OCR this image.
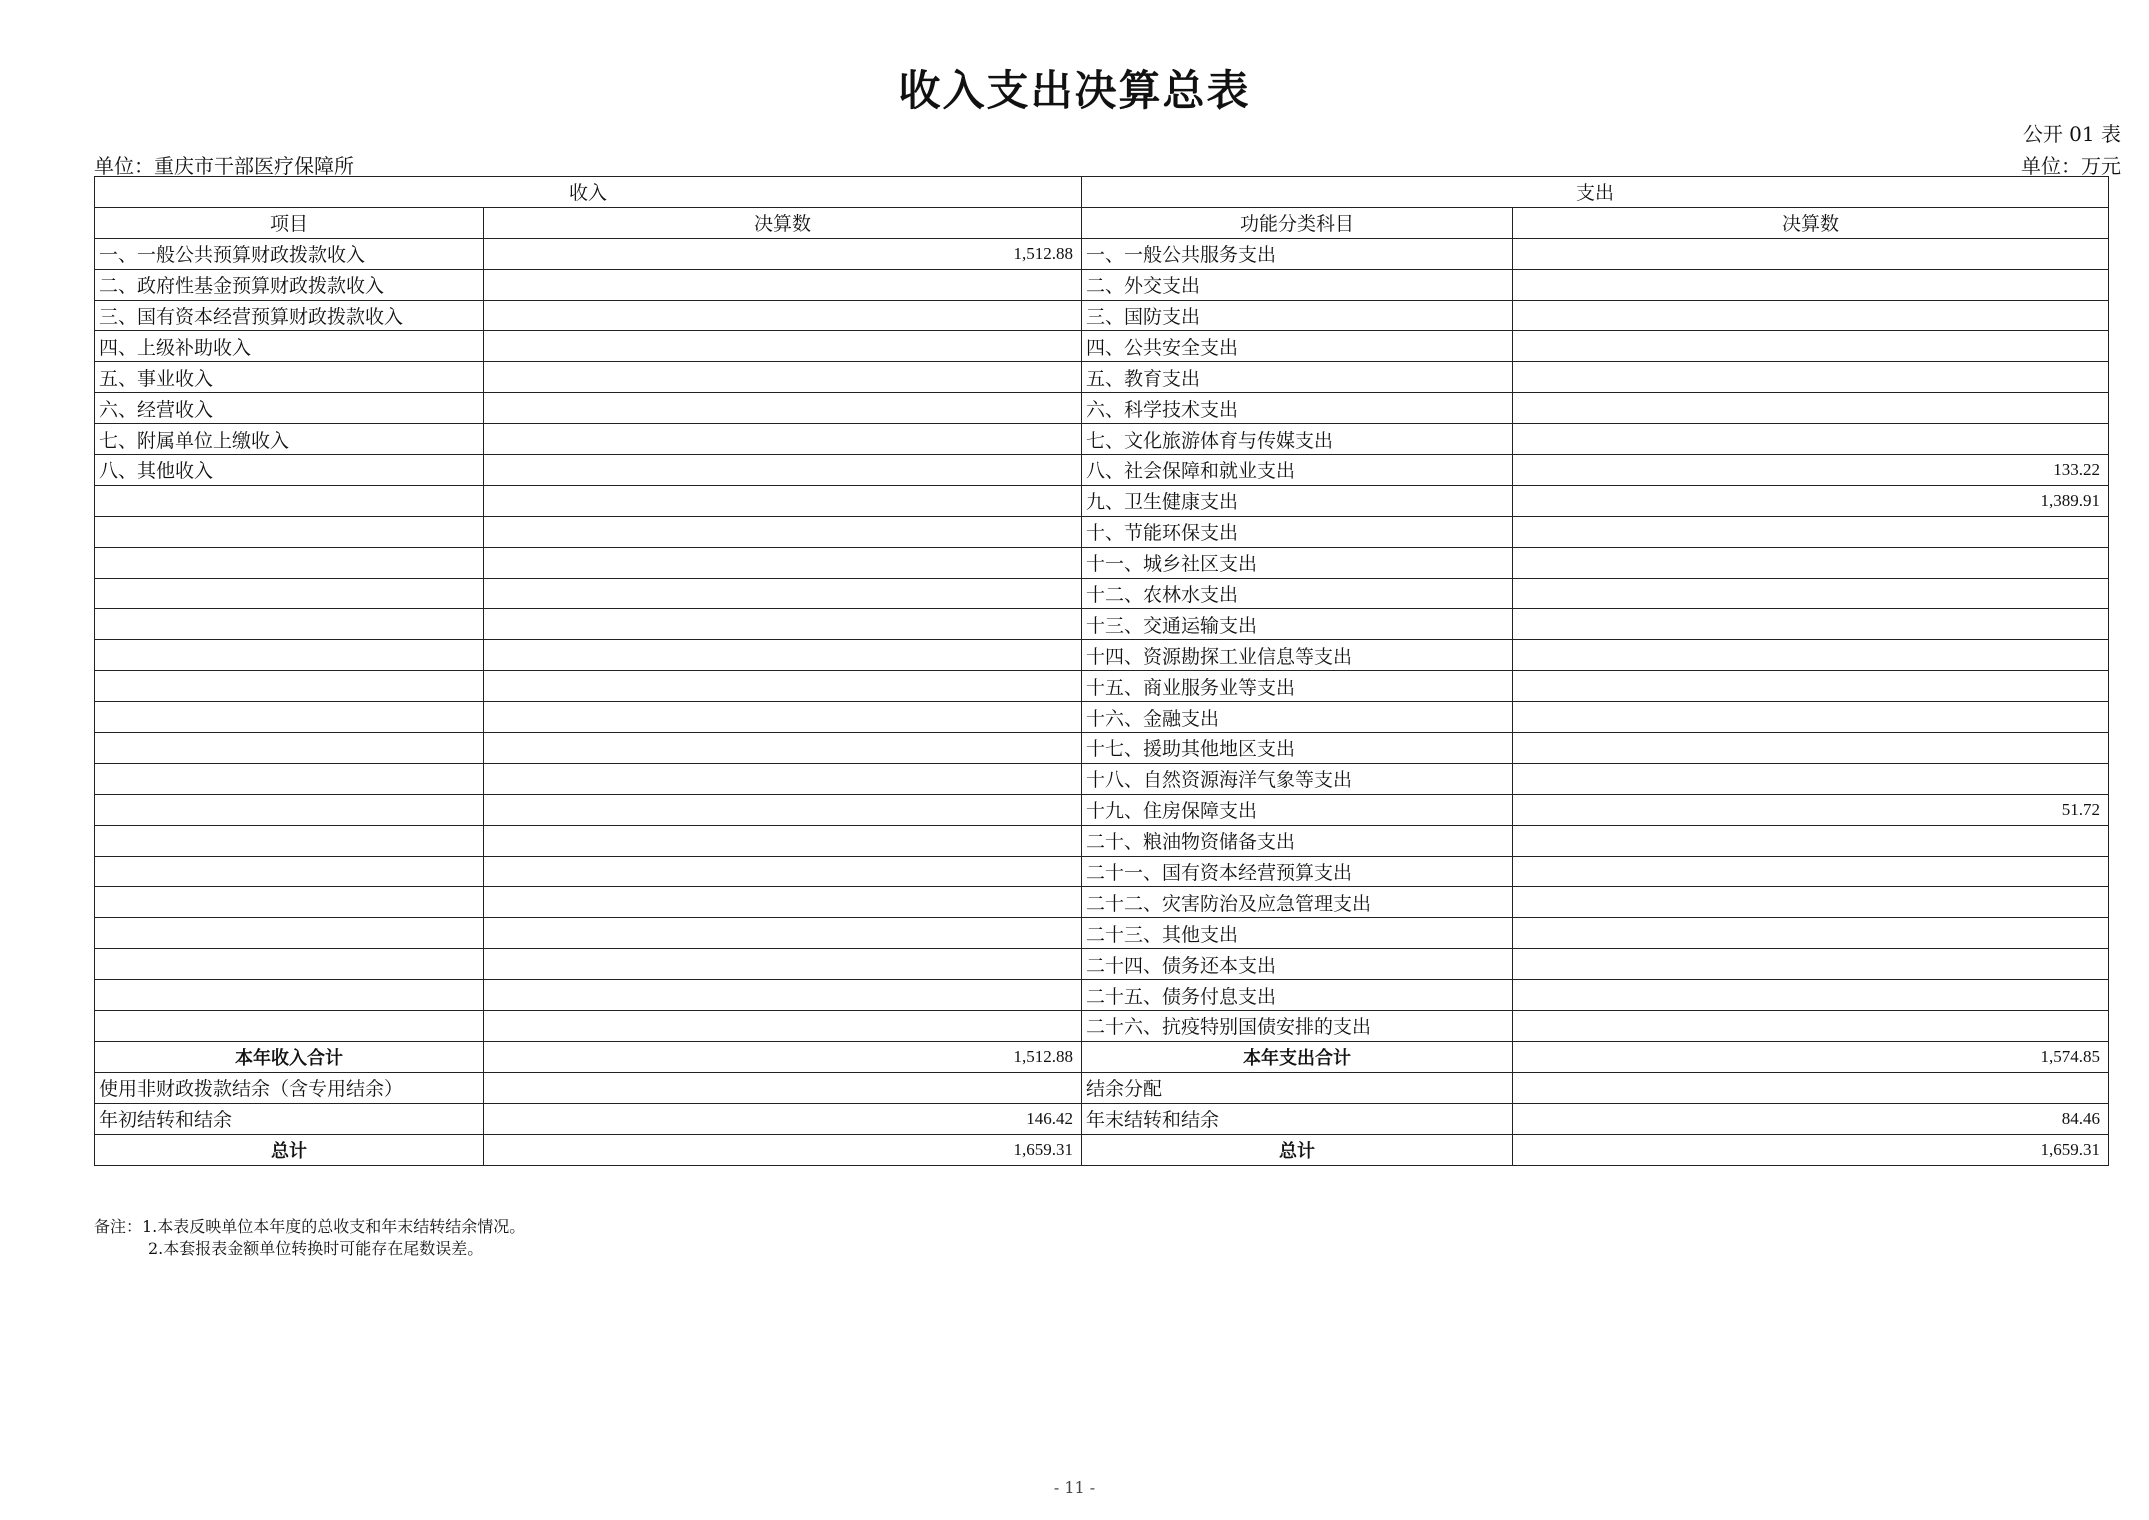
收入支出决算总表
公开 01 表
单位：重庆市干部医疗保障所	单位：万元
收入		支出	
项目	决算数	功能分类科目	决算数
一、一般公共预算财政拨款收入	1,512.88	一、一般公共服务支出	
二、政府性基金预算财政拨款收入		二、外交支出	
三、国有资本经营预算财政拨款收入		三、国防支出	
四、上级补助收入		四、公共安全支出	
五、事业收入		五、教育支出	
六、经营收入		六、科学技术支出	
七、附属单位上缴收入		七、文化旅游体育与传媒支出	
八、其他收入		八、社会保障和就业支出	133.22
		九、卫生健康支出	1,389.91
		十、节能环保支出	
		十一、城乡社区支出	
		十二、农林水支出	
		十三、交通运输支出	
		十四、资源勘探工业信息等支出	
		十五、商业服务业等支出	
		十六、金融支出	
		十七、援助其他地区支出	
		十八、自然资源海洋气象等支出	
		十九、住房保障支出	51.72
		二十、粮油物资储备支出	
		二十一、国有资本经营预算支出	
		二十二、灾害防治及应急管理支出	
		二十三、其他支出	
		二十四、债务还本支出	
		二十五、债务付息支出	
		二十六、抗疫特别国债安排的支出	
本年收入合计	1,512.88	本年支出合计	1,574.85
使用非财政拨款结余（含专用结余）		结余分配	
年初结转和结余	146.42	年末结转和结余	84.46
总计	1,659.31	总计	1,659.31
备注：1.本表反映单位本年度的总收支和年末结转结余情况。
2.本套报表金额单位转换时可能存在尾数误差。
- 11 -
